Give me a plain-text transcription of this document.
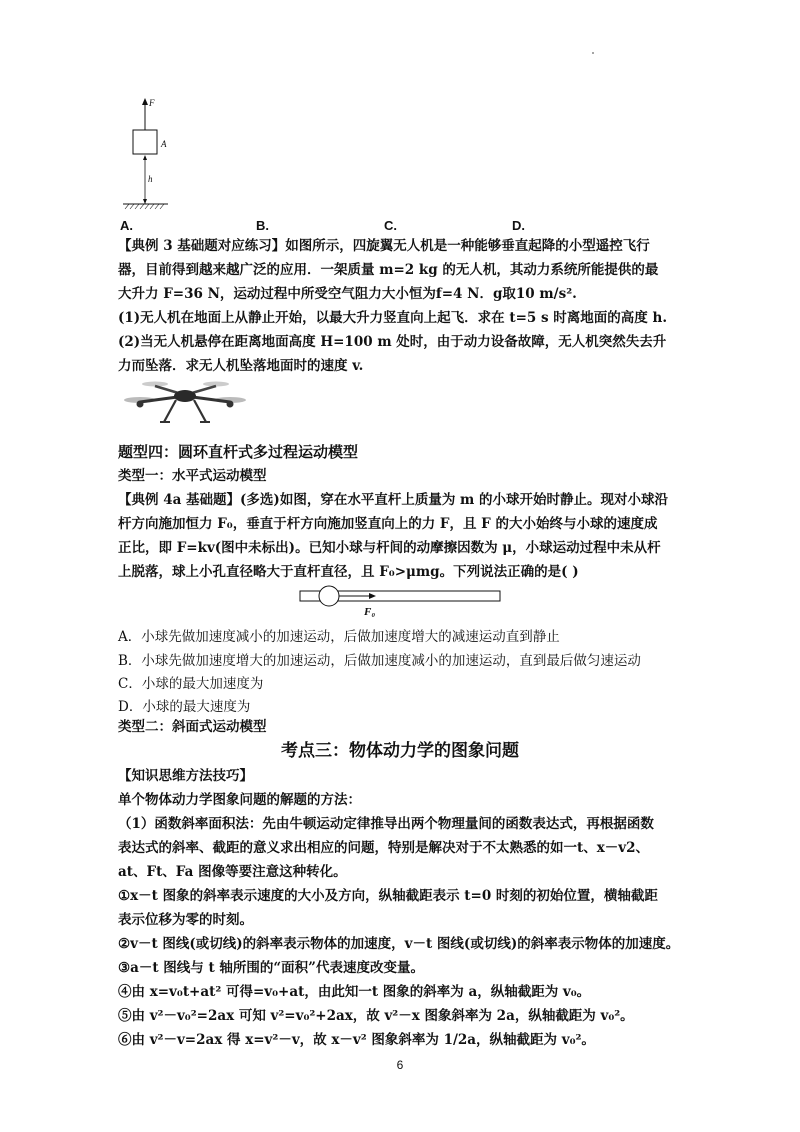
F
A
h
A.	B.	C.	D.
【典例 3 基础题对应练习】如图所示，四旋翼无人机是一种能够垂直起降的小型遥控飞行
器，目前得到越来越广泛的应用．一架质量 m=2 kg 的无人机，其动力系统所能提供的最
大升力 F=36 N，运动过程中所受空气阻力大小恒为f=4 N．g取10 m/s².
(1)无人机在地面上从静止开始，以最大升力竖直向上起飞．求在 t=5 s 时离地面的高度 h.
(2)当无人机悬停在距离地面高度 H=100 m 处时，由于动力设备故障，无人机突然失去升
力而坠落．求无人机坠落地面时的速度 v.
题型四：圆环直杆式多过程运动模型
类型一：水平式运动模型
【典例 4a 基础题】(多选)如图，穿在水平直杆上质量为 m 的小球开始时静止。现对小球沿
杆方向施加恒力 F₀，垂直于杆方向施加竖直向上的力 F，且 F 的大小始终与小球的速度成
正比，即 F=kv(图中未标出)。已知小球与杆间的动摩擦因数为 μ，小球运动过程中未从杆
上脱落，球上小孔直径略大于直杆直径，且 F₀>μmg。下列说法正确的是( )
F₀
A．小球先做加速度减小的加速运动，后做加速度增大的减速运动直到静止
B．小球先做加速度增大的加速运动，后做加速度减小的加速运动，直到最后做匀速运动
C．小球的最大加速度为
D．小球的最大速度为
类型二：斜面式运动模型
考点三：物体动力学的图象问题
【知识思维方法技巧】
单个物体动力学图象问题的解题的方法：
（1）函数斜率面积法：先由牛顿运动定律推导出两个物理量间的函数表达式，再根据函数
表达式的斜率、截距的意义求出相应的问题，特别是解决对于不太熟悉的如一t、x－v2、
at、Ft、Fa 图像等要注意这种转化。
①x－t 图象的斜率表示速度的大小及方向，纵轴截距表示 t=0 时刻的初始位置，横轴截距
表示位移为零的时刻。
②v－t 图线(或切线)的斜率表示物体的加速度，v－t 图线(或切线)的斜率表示物体的加速度。
③a－t 图线与 t 轴所围的“面积”代表速度改变量。
④由 x=v₀t+at² 可得=v₀+at，由此知一t 图象的斜率为 a，纵轴截距为 v₀。
⑤由 v²－v₀²=2ax 可知 v²=v₀²+2ax，故 v²－x 图象斜率为 2a，纵轴截距为 v₀²。
⑥由 v²－v=2ax 得 x=v²－v，故 x－v² 图象斜率为 1/2a，纵轴截距为 v₀²。
6
